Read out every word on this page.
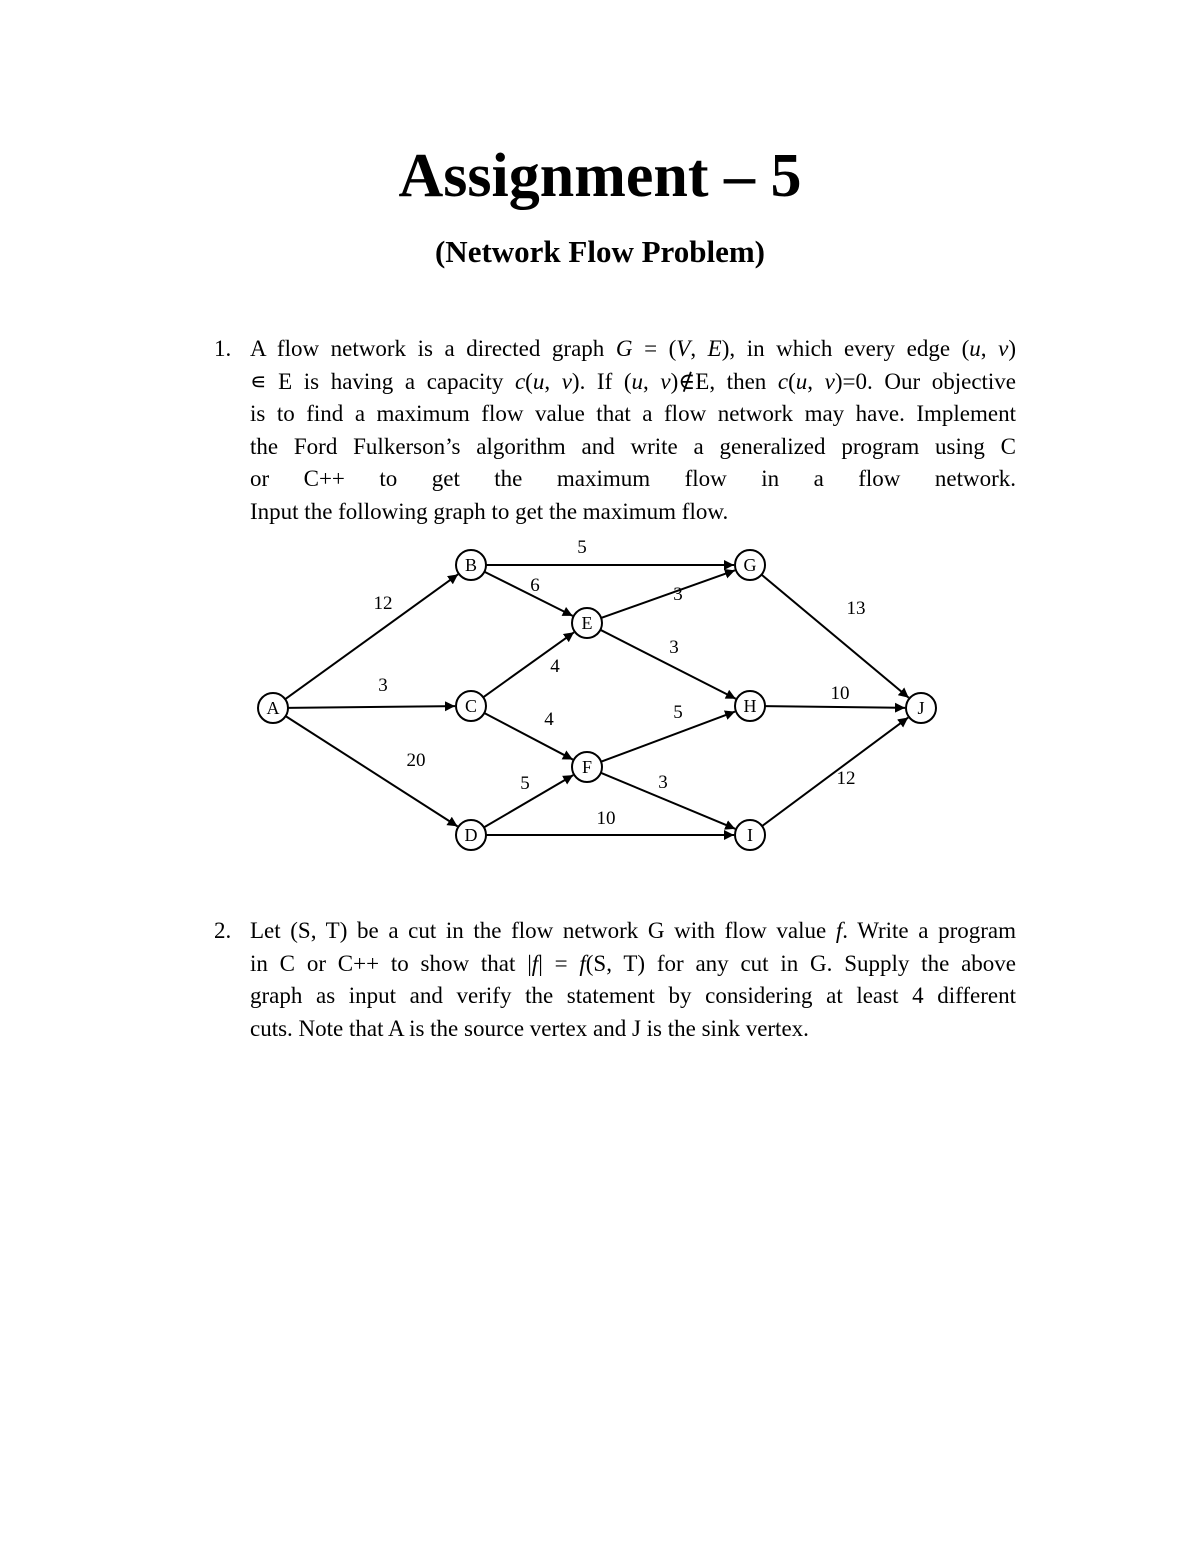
Assignment – 5
(Network Flow Problem)
1. A flow network is a directed graph G = (V, E), in which every edge (u, v)
∊ E is having a capacity c(u, v). If (u, v)∉E, then c(u, v)=0. Our objective
is to find a maximum flow value that a flow network may have. Implement
the Ford Fulkerson’s algorithm and write a generalized program using C
or C++ to get the maximum flow in a flow network.
Input the following graph to get the maximum flow.
12
3
20
5
6
4
4
5
10
3
3
5
3
13
10
12
A
B
C
D
E
F
G
H
I
J
2. Let (S, T) be a cut in the flow network G with flow value f. Write a program
in C or C++ to show that |f| = f(S, T) for any cut in G. Supply the above
graph as input and verify the statement by considering at least 4 different
cuts. Note that A is the source vertex and J is the sink vertex.
